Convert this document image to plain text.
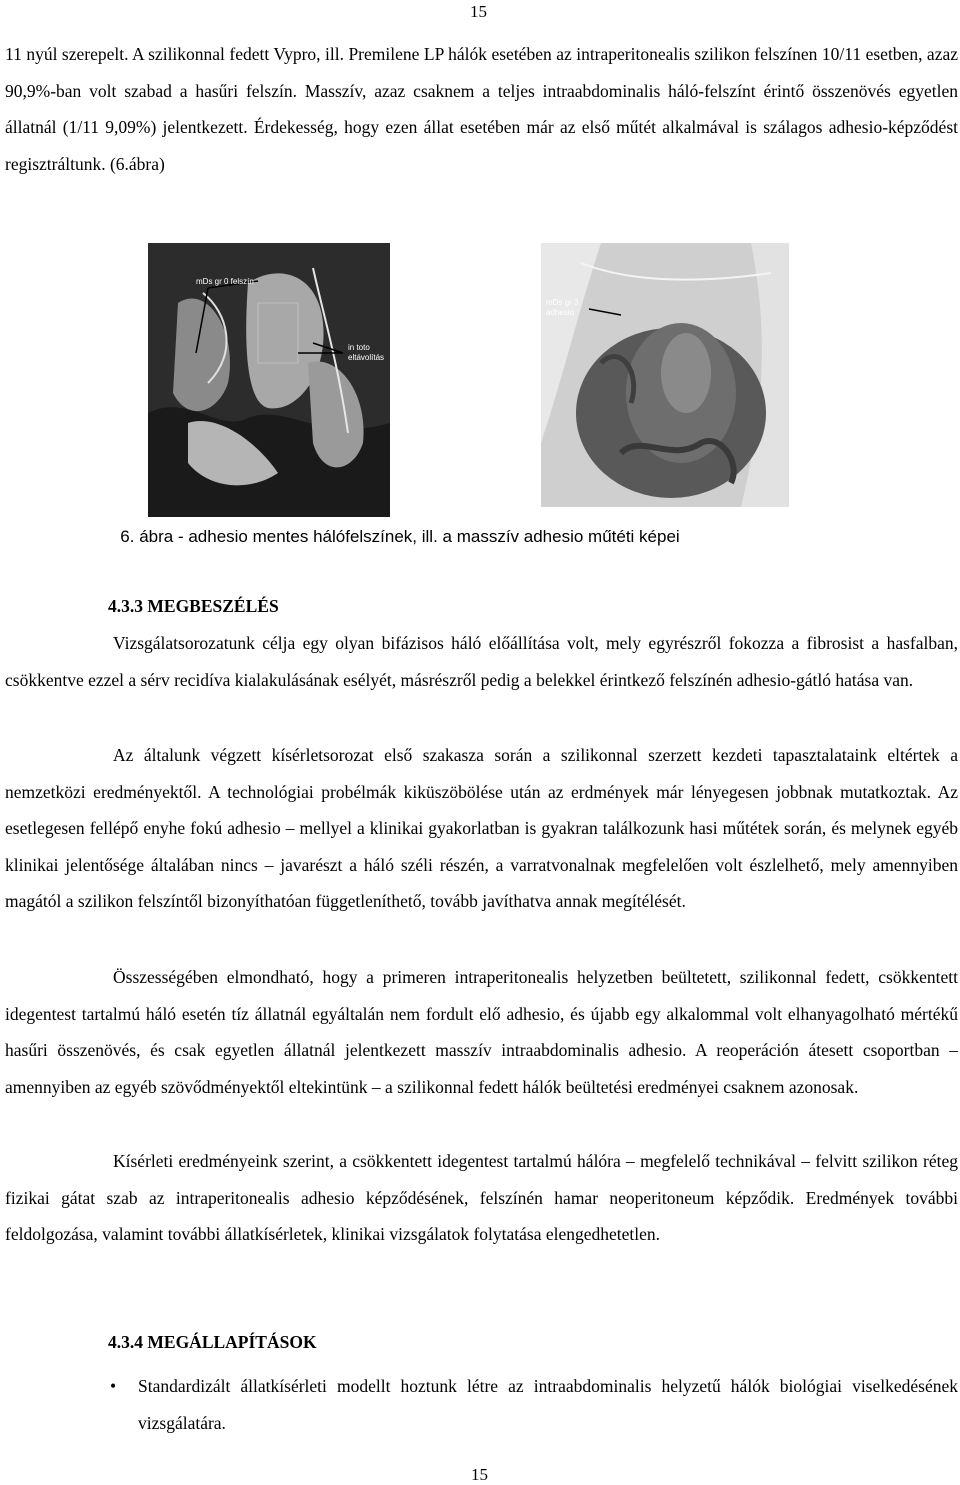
15

11 nyúl szerepelt. A szilikonnal fedett Vypro, ill. Premilene LP hálók esetében az intraperitonealis szilikon felszínen 10/11 esetben, azaz 90,9%-ban volt szabad a hasűri felszín. Masszív, azaz csaknem a teljes intraabdominalis háló-felszínt érintő összenövés egyetlen állatnál (1/11 9,09%) jelentkezett. Érdekesség, hogy ezen állat esetében már az első műtét alkalmával is szálagos adhesio-képződést regisztráltunk. (6.ábra)

mDs gr 0 felszín
in toto
eltávolítás
mDs gr 3
adhesio
6. ábra - adhesio mentes hálófelszínek, ill. a masszív adhesio műtéti képei
4.3.3 MEGBESZÉLÉS

Vizsgálatsorozatunk célja egy olyan bifázisos háló előállítása volt, mely egyrészről fokozza a fibrosist a hasfalban, csökkentve ezzel a sérv recidíva kialakulásának esélyét, másrészről pedig a belekkel érintkező felszínén adhesio-gátló hatása van.

Az általunk végzett kísérletsorozat első szakasza során a szilikonnal szerzett kezdeti tapasztalataink eltértek a nemzetközi eredményektől. A technológiai probélmák kiküszöbölése után az erdmények már lényegesen jobbnak mutatkoztak. Az esetlegesen fellépő enyhe fokú adhesio – mellyel a klinikai gyakorlatban is gyakran találkozunk hasi műtétek során, és melynek egyéb klinikai jelentősége általában nincs – javarészt a háló széli részén, a varratvonalnak megfelelően volt észlelhető, mely amennyiben magától a szilikon felszíntől bizonyíthatóan függetleníthető, tovább javíthatva annak megítélését.

Összességében elmondható, hogy a primeren intraperitonealis helyzetben beültetett, szilikonnal fedett, csökkentett idegentest tartalmú háló esetén tíz állatnál egyáltalán nem fordult elő adhesio, és újabb egy alkalommal volt elhanyagolható mértékű hasűri összenövés, és csak egyetlen állatnál jelentkezett masszív intraabdominalis adhesio. A reoperáción átesett csoportban – amennyiben az egyéb szövődményektől eltekintünk – a szilikonnal fedett hálók beültetési eredményei csaknem azonosak.

Kísérleti eredményeink szerint, a csökkentett idegentest tartalmú hálóra – megfelelő technikával – felvitt szilikon réteg fizikai gátat szab az intraperitonealis adhesio képződésének, felszínén hamar neoperitoneum képződik. Eredmények további feldolgozása, valamint további állatkísérletek, klinikai vizsgálatok folytatása elengedhetetlen.

4.3.4 MEGÁLLAPÍTÁSOK
•	Standardizált állatkísérleti modellt hoztunk létre az intraabdominalis helyzetű hálók biológiai viselkedésének vizsgálatára.
15
